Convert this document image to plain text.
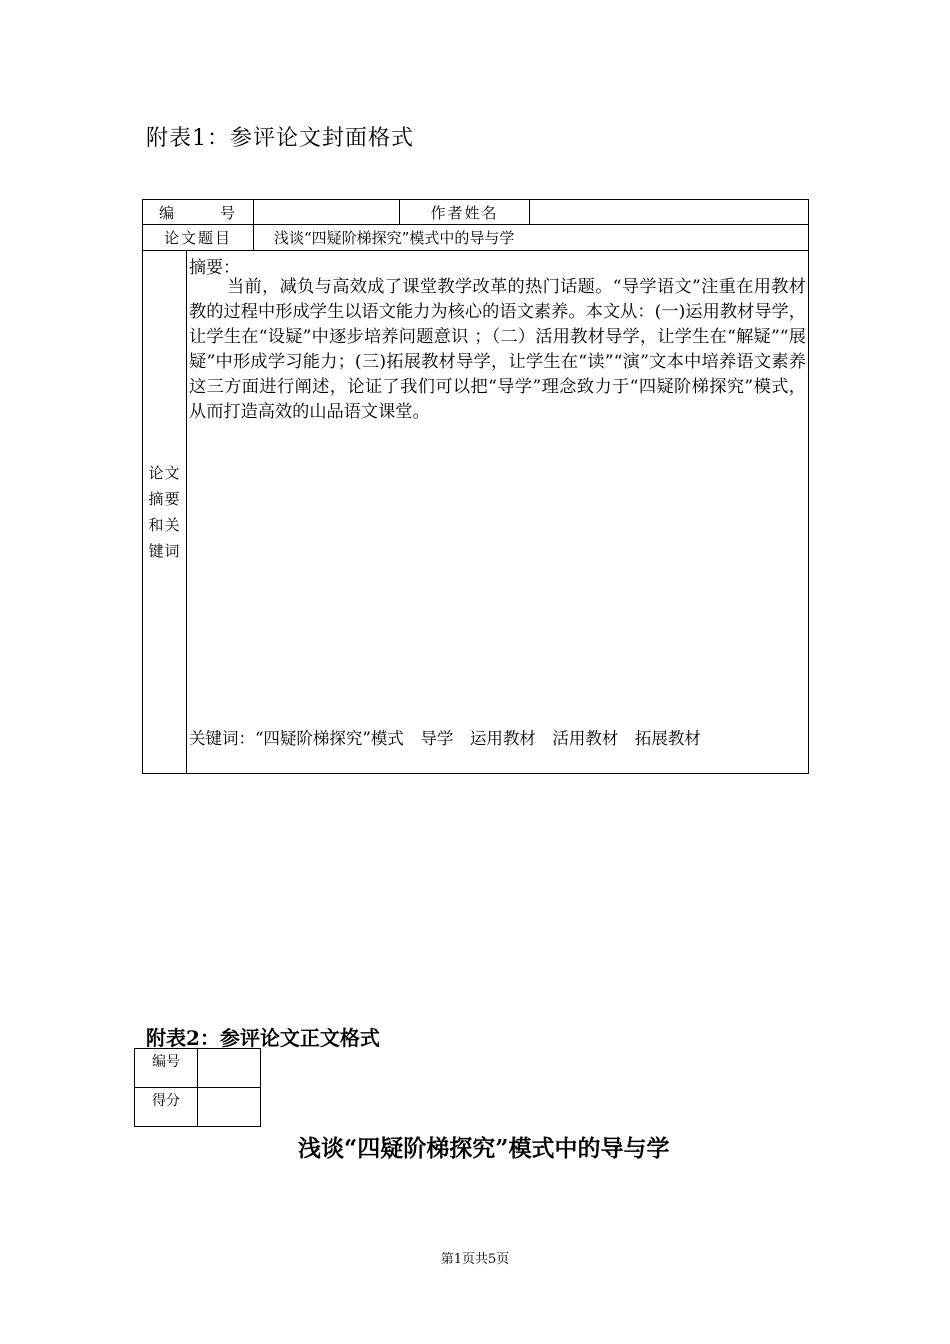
附表1：参评论文封面格式
编 号			作者姓名	
论文题目		浅谈“四疑阶梯探究”模式中的导与学		

论文摘要和关键词	摘要：
当前，减负与高效成了课堂教学改革的热门话题。“导学语文”注重在用教材教的过程中形成学生以语文能力为核心的语文素养。本文从：(一)运用教材导学，让学生在“设疑”中逐步培养问题意识 ；（二）活用教材导学，让学生在“解疑”“展疑”中形成学习能力；(三)拓展教材导学，让学生在“读”“演”文本中培养语文素养这三方面进行阐述，论证了我们可以把“导学”理念致力于“四疑阶梯探究”模式，从而打造高效的山品语文课堂。
关键词：“四疑阶梯探究”模式　导学　运用教材　活用教材　拓展教材			
附表2：参评论文正文格式
编号	
得分	
浅谈“四疑阶梯探究”模式中的导与学
第1页共5页
